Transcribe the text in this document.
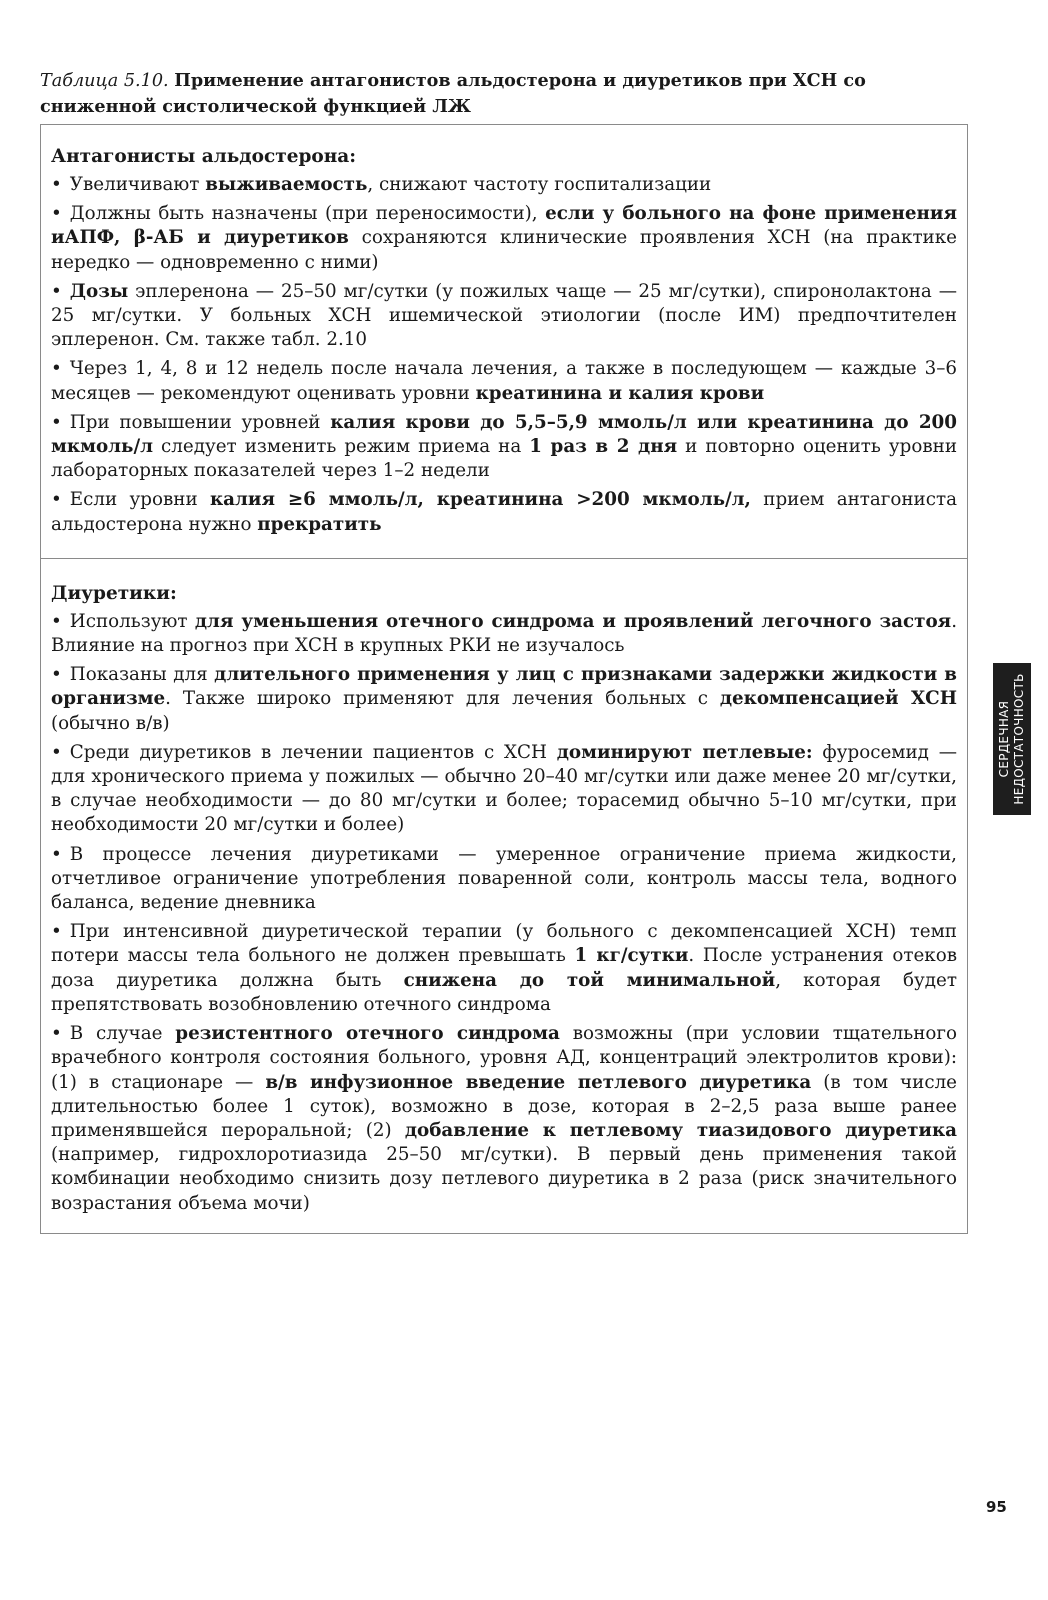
Таблица 5.10. Применение антагонистов альдостерона и диуретиков при ХСН со сниженной систолической функцией ЛЖ
Антагонисты альдостерона:
• Увеличивают выживаемость, снижают частоту госпитализации
• Должны быть назначены (при переносимости), если у больного на фоне применения иАПФ, β-АБ и диуретиков сохраняются клинические проявления ХСН (на практике нередко — одновременно с ними)
• Дозы эплеренона — 25–50 мг/сутки (у пожилых чаще — 25 мг/сутки), спиронолактона — 25 мг/сутки. У больных ХСН ишемической этиологии (после ИМ) предпочтителен эплеренон. См. также табл. 2.10
• Через 1, 4, 8 и 12 недель после начала лечения, а также в последующем — каждые 3–6 месяцев — рекомендуют оценивать уровни креатинина и калия крови
• При повышении уровней калия крови до 5,5–5,9 ммоль/л или креатинина до 200 мкмоль/л следует изменить режим приема на 1 раз в 2 дня и повторно оценить уровни лабораторных показателей через 1–2 недели
• Если уровни калия ≥6 ммоль/л, креатинина >200 мкмоль/л, прием антагониста альдостерона нужно прекратить
Диуретики:
• Используют для уменьшения отечного синдрома и проявлений легочного застоя. Влияние на прогноз при ХСН в крупных РКИ не изучалось
• Показаны для длительного применения у лиц с признаками задержки жидкости в организме. Также широко применяют для лечения больных с декомпенсацией ХСН (обычно в/в)
• Среди диуретиков в лечении пациентов с ХСН доминируют петлевые: фуросемид — для хронического приема у пожилых — обычно 20–40 мг/сутки или даже менее 20 мг/сутки, в случае необходимости — до 80 мг/сутки и более; торасемид обычно 5–10 мг/сутки, при необходимости 20 мг/сутки и более)
• В процессе лечения диуретиками — умеренное ограничение приема жидкости, отчетливое ограничение употребления поваренной соли, контроль массы тела, водного баланса, ведение дневника
• При интенсивной диуретической терапии (у больного с декомпенсацией ХСН) темп потери массы тела больного не должен превышать 1 кг/сутки. После устранения отеков доза диуретика должна быть снижена до той минимальной, которая будет препятствовать возобновлению отечного синдрома
• В случае резистентного отечного синдрома возможны (при условии тщательного врачебного контроля состояния больного, уровня АД, концентраций электролитов крови): (1) в стационаре — в/в инфузионное введение петлевого диуретика (в том числе длительностью более 1 суток), возможно в дозе, которая в 2–2,5 раза выше ранее применявшейся пероральной; (2) добавление к петлевому тиазидового диуретика (например, гидрохлоротиазида 25–50 мг/сутки). В первый день применения такой комбинации необходимо снизить дозу петлевого диуретика в 2 раза (риск значительного возрастания объема мочи)
СЕРДЕЧНАЯ НЕДОСТАТОЧНОСТЬ
95
